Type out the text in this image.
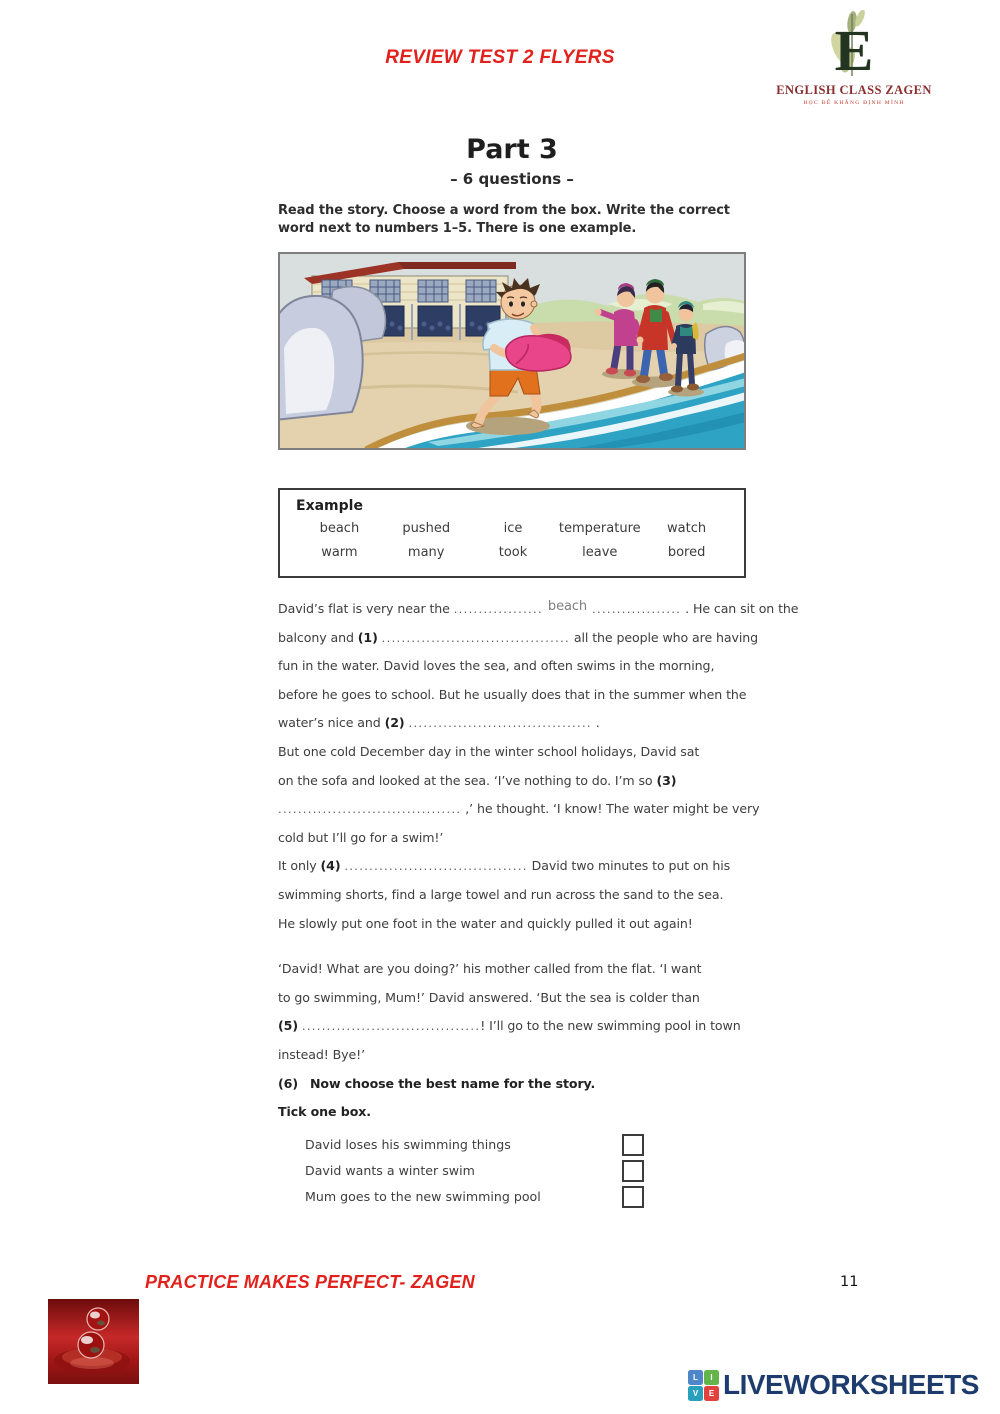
REVIEW TEST 2 FLYERS	E
ENGLISH CLASS ZAGEN
HỌC ĐỂ KHẲNG ĐỊNH MÌNH
Part 3
– 6 questions –
Read the story. Choose a word from the box. Write the correct
word next to numbers 1–5. There is one example.
Example
beach	pushed	ice	temperature	watch
warm	many	took	leave	bored
David’s flat is very near the .................. beach .................. . He can sit on the
balcony and (1) ...................................... all the people who are having
fun in the water. David loves the sea, and often swims in the morning,
before he goes to school. But he usually does that in the summer when the
water’s nice and (2) ..................................... .
But one cold December day in the winter school holidays, David sat
on the sofa and looked at the sea. ‘I’ve nothing to do. I’m so (3)
..................................... ,’ he thought. ‘I know! The water might be very
cold but I’ll go for a swim!’
It only (4) ..................................... David two minutes to put on his
swimming shorts, find a large towel and run across the sand to the sea.
He slowly put one foot in the water and quickly pulled it out again!
‘David! What are you doing?’ his mother called from the flat. ‘I want
to go swimming, Mum!’ David answered. ‘But the sea is colder than
(5) ....................................! I’ll go to the new swimming pool in town
instead! Bye!’
(6) Now choose the best name for the story.
Tick one box.
David loses his swimming things
David wants a winter swim
Mum goes to the new swimming pool
PRACTICE MAKES PERFECT- ZAGEN	11
L	I
V	E LIVEWORKSHEETS
